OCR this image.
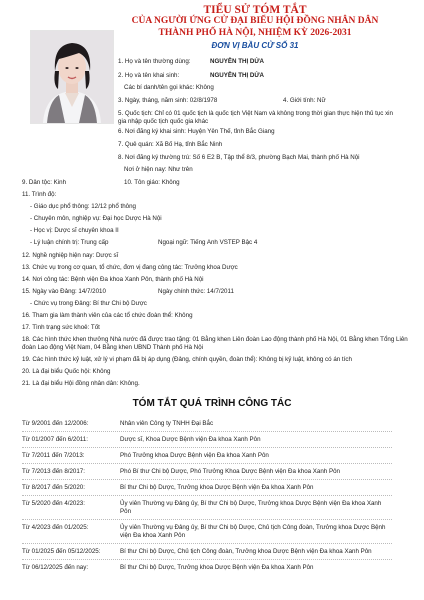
TIỂU SỬ TÓM TẮT
CỦA NGƯỜI ỨNG CỬ ĐẠI BIỂU HỘI ĐỒNG NHÂN DÂN
THÀNH PHỐ HÀ NỘI, NHIỆM KỲ 2026-2031
ĐƠN VỊ BẦU CỬ SỐ 31
1. Họ và tên thường dùng:	NGUYỄN THỊ DỨA
2. Họ và tên khai sinh:	NGUYỄN THỊ DỨA
Các bí danh/tên gọi khác: Không
3. Ngày, tháng, năm sinh: 02/8/1978	4. Giới tính: Nữ
5. Quốc tịch: Chỉ có 01 quốc tịch là quốc tịch Việt Nam và không trong thời gian thực hiện thủ tục xin gia nhập quốc tịch quốc gia khác
6. Nơi đăng ký khai sinh: Huyện Yên Thế, tỉnh Bắc Giang
7. Quê quán: Xã Bố Hạ, tỉnh Bắc Ninh
8. Nơi đăng ký thường trú: Số 6 E2 B, Tập thể 8/3, phường Bạch Mai, thành phố Hà Nội
Nơi ở hiện nay: Như trên
9. Dân tộc: Kinh	10. Tôn giáo: Không
11. Trình độ:
- Giáo dục phổ thông: 12/12 phổ thông
- Chuyên môn, nghiệp vụ: Đại học Dược Hà Nội
- Học vị: Dược sĩ chuyên khoa II
- Lý luận chính trị: Trung cấp	Ngoại ngữ: Tiếng Anh VSTEP Bậc 4
12. Nghề nghiệp hiện nay: Dược sĩ
13. Chức vụ trong cơ quan, tổ chức, đơn vị đang công tác: Trưởng khoa Dược
14. Nơi công tác: Bệnh viện Đa khoa Xanh Pôn, thành phố Hà Nội
15. Ngày vào Đảng: 14/7/2010	Ngày chính thức: 14/7/2011
- Chức vụ trong Đảng: Bí thư Chi bộ Dược
16. Tham gia làm thành viên của các tổ chức đoàn thể: Không
17. Tình trạng sức khoẻ: Tốt
18. Các hình thức khen thưởng Nhà nước đã được trao tặng: 01 Bằng khen Liên đoàn Lao động thành phố Hà Nội, 01 Bằng khen Tổng Liên đoàn Lao động Việt Nam, 04 Bằng khen UBND Thành phố Hà Nội
19. Các hình thức kỷ luật, xử lý vi phạm đã bị áp dụng (Đảng, chính quyền, đoàn thể): Không bị kỷ luật, không có án tích
20. Là đại biểu Quốc hội: Không
21. Là đại biểu Hội đồng nhân dân: Không.
TÓM TẮT QUÁ TRÌNH CÔNG TÁC
Từ 9/2001 đến 12/2006:	Nhân viên Công ty TNHH Đại Bắc
Từ 01/2007 đến 6/2011:	Dược sĩ, Khoa Dược Bệnh viện Đa khoa Xanh Pôn
Từ 7/2011 đến 7/2013:	Phó Trưởng khoa Dược Bệnh viện Đa khoa Xanh Pôn
Từ 7/2013 đến 8/2017:	Phó Bí thư Chi bộ Dược, Phó Trưởng Khoa Dược Bệnh viện Đa khoa Xanh Pôn
Từ 8/2017 đến 5/2020:	Bí thư Chi bộ Dược, Trưởng khoa Dược Bệnh viện Đa khoa Xanh Pôn
Từ 5/2020 đến 4/2023:	Ủy viên Thường vụ Đảng ủy, Bí thư Chi bộ Dược, Trưởng khoa Dược Bệnh viện Đa khoa Xanh Pôn
Từ 4/2023 đến 01/2025:	Ủy viên Thường vụ Đảng ủy, Bí thư Chi bộ Dược, Chủ tịch Công đoàn, Trưởng khoa Dược Bệnh viện Đa khoa Xanh Pôn
Từ 01/2025 đến 05/12/2025:	Bí thư Chi bộ Dược, Chủ tịch Công đoàn, Trưởng khoa Dược Bệnh viện Đa khoa Xanh Pôn
Từ 06/12/2025 đến nay:	Bí thư Chi bộ Dược, Trưởng khoa Dược Bệnh viện Đa khoa Xanh Pôn
